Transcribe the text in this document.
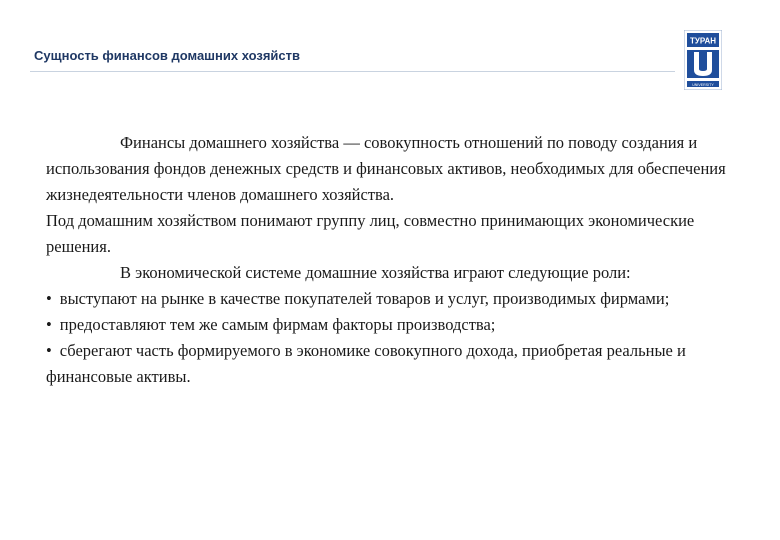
Сущность финансов домашних хозяйств
ТУРАН
UNIVERSITY

Финансы домашнего хозяйства — совокупность отношений по поводу создания и использования фондов денежных средств и финансовых активов, необходимых для обеспечения жизнедеятельности членов домашнего хозяйства.

Под домашним хозяйством понимают группу лиц, совместно принимающих экономические решения.

В экономической системе домашние хозяйства играют следующие роли:

• выступают на рынке в качестве покупателей товаров и услуг, производимых фирмами;

• предоставляют тем же самым фирмам факторы производства;

• сберегают часть формируемого в экономике совокупного дохода, приобретая реальные и финансовые активы.
